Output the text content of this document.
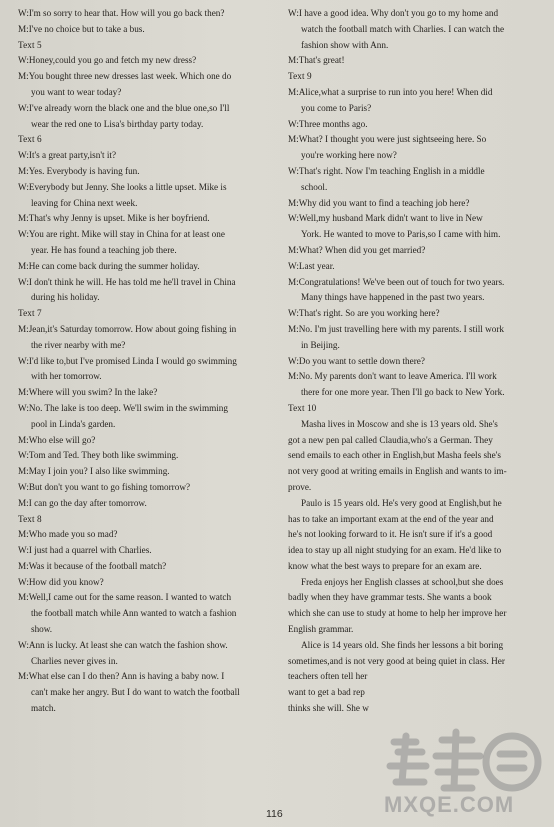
W:I'm so sorry to hear that. How will you go back then?

M:I've no choice but to take a bus.

Text 5

W:Honey,could you go and fetch my new dress?

M:You bought three new dresses last week. Which one do

you want to wear today?

W:I've already worn the black one and the blue one,so I'll

wear the red one to Lisa's birthday party today.

Text 6

W:It's a great party,isn't it?

M:Yes. Everybody is having fun.

W:Everybody but Jenny. She looks a little upset. Mike is

leaving for China next week.

M:That's why Jenny is upset. Mike is her boyfriend.

W:You are right. Mike will stay in China for at least one

year. He has found a teaching job there.

M:He can come back during the summer holiday.

W:I don't think he will. He has told me he'll travel in China

during his holiday.

Text 7

M:Jean,it's Saturday tomorrow. How about going fishing in

the river nearby with me?

W:I'd like to,but I've promised Linda I would go swimming

with her tomorrow.

M:Where will you swim? In the lake?

W:No. The lake is too deep. We'll swim in the swimming

pool in Linda's garden.

M:Who else will go?

W:Tom and Ted. They both like swimming.

M:May I join you? I also like swimming.

W:But don't you want to go fishing tomorrow?

M:I can go the day after tomorrow.

Text 8

M:Who made you so mad?

W:I just had a quarrel with Charlies.

M:Was it because of the football match?

W:How did you know?

M:Well,I came out for the same reason. I wanted to watch

the football match while Ann wanted to watch a fashion

show.

W:Ann is lucky. At least she can watch the fashion show.

Charlies never gives in.

M:What else can I do then? Ann is having a baby now. I

can't make her angry. But I do want to watch the football

match.

W:I have a good idea. Why don't you go to my home and

watch the football match with Charlies. I can watch the

fashion show with Ann.

M:That's great!

Text 9

M:Alice,what a surprise to run into you here! When did

you come to Paris?

W:Three months ago.

M:What? I thought you were just sightseeing here. So

you're working here now?

W:That's right. Now I'm teaching English in a middle

school.

M:Why did you want to find a teaching job here?

W:Well,my husband Mark didn't want to live in New

York. He wanted to move to Paris,so I came with him.

M:What? When did you get married?

W:Last year.

M:Congratulations! We've been out of touch for two years.

Many things have happened in the past two years.

W:That's right. So are you working here?

M:No. I'm just travelling here with my parents. I still work

in Beijing.

W:Do you want to settle down there?

M:No. My parents don't want to leave America. I'll work

there for one more year. Then I'll go back to New York.

Text 10

Masha lives in Moscow and she is 13 years old. She's

got a new pen pal called Claudia,who's a German. They

send emails to each other in English,but Masha feels she's

not very good at writing emails in English and wants to im-

prove.

Paulo is 15 years old. He's very good at English,but he

has to take an important exam at the end of the year and

he's not looking forward to it. He isn't sure if it's a good

idea to stay up all night studying for an exam. He'd like to

know what the best ways to prepare for an exam are.

Freda enjoys her English classes at school,but she does

badly when they have grammar tests. She wants a book

which she can use to study at home to help her improve her

English grammar.

Alice is 14 years old. She finds her lessons a bit boring

sometimes,and is not very good at being quiet in class. Her

teachers often tell her

want to get a bad rep

thinks she will. She w

116	MXQE.COM
